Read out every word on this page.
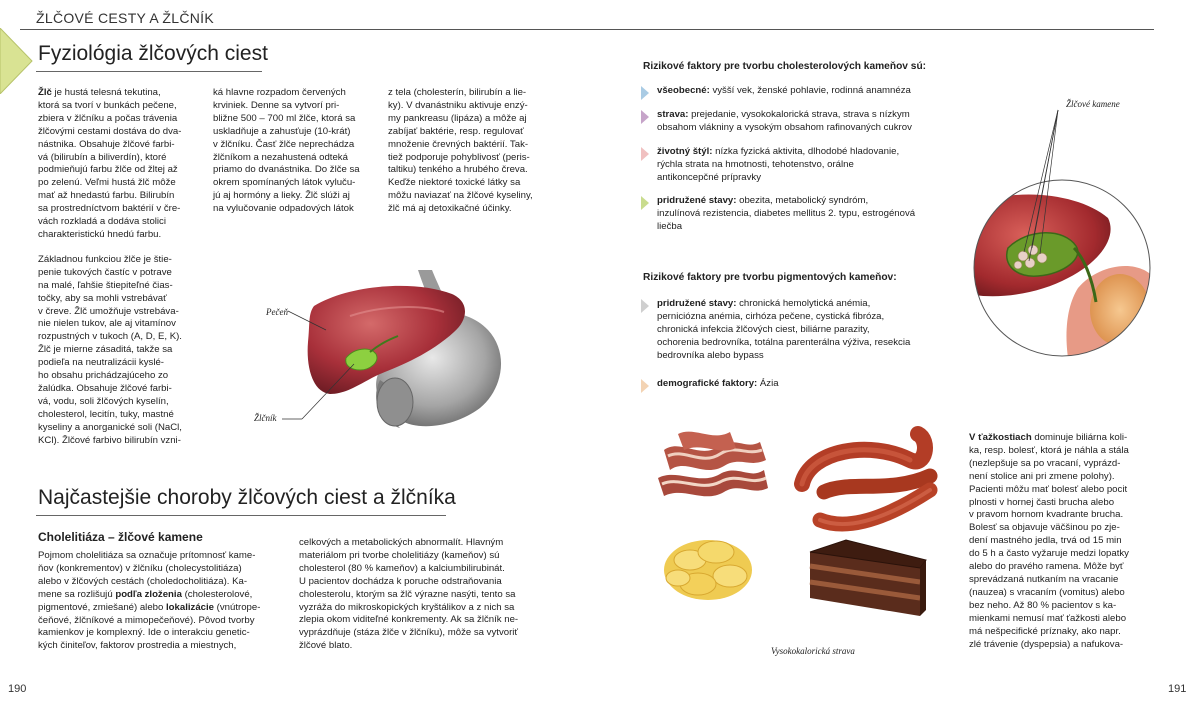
ŽLČOVÉ CESTY A ŽLČNÍK
Fyziológia žlčových ciest
Žlč je hustá telesná tekutina,
ktorá sa tvorí v bunkách pečene,
zbiera v žlčníku a počas trávenia
žlčovými cestami dostáva do dva-
nástnika. Obsahuje žlčové farbi-
vá (bilirubín a biliverdín), ktoré
podmieňujú farbu žlče od žltej až
po zelenú. Veľmi hustá žlč môže
mať až hnedastú farbu. Bilirubín
sa prostredníctvom baktérií v čre-
vách rozkladá a dodáva stolici
charakteristickú hnedú farbu.
Základnou funkciou žlče je štie-
penie tukových častíc v potrave
na malé, ľahšie štiepiteľné čias-
točky, aby sa mohli vstrebávať
v čreve. Žlč umožňuje vstrebáva-
nie nielen tukov, ale aj vitamínov
rozpustných v tukoch (A, D, E, K).
Žlč je mierne zásaditá, takže sa
podieľa na neutralizácii kyslé-
ho obsahu prichádzajúceho zo
žalúdka. Obsahuje žlčové farbi-
vá, vodu, soli žlčových kyselín,
cholesterol, lecitín, tuky, mastné
kyseliny a anorganické soli (NaCl,
KCl). Žlčové farbivo bilirubín vzni-
ká hlavne rozpadom červených
krviniek. Denne sa vytvorí pri-
bližne 500 – 700 ml žlče, ktorá sa
uskladňuje a zahusťuje (10-krát)
v žlčníku. Časť žlče neprechádza
žlčníkom a nezahustená odteká
priamo do dvanástnika. Do žlče sa
okrem spomínaných látok vyluču-
jú aj hormóny a lieky. Žlč slúži aj
na vylučovanie odpadových látok
z tela (cholesterín, bilirubín a lie-
ky). V dvanástniku aktivuje enzý-
my pankreasu (lipáza) a môže aj
zabíjať baktérie, resp. regulovať
množenie črevných baktérií. Tak-
tiež podporuje pohyblivosť (peris-
taltiku) tenkého a hrubého čreva.
Keďže niektoré toxické látky sa
môžu naviazať na žlčové kyseliny,
žlč má aj detoxikačné účinky.
Pečeň
Žlčník
Najčastejšie choroby žlčových ciest a žlčníka
Cholelitiáza – žlčové kamene
Pojmom cholelitiáza sa označuje prítomnosť kame-
ňov (konkrementov) v žlčníku (cholecystolitiáza)
alebo v žlčových cestách (choledocholitiáza). Ka-
mene sa rozlišujú podľa zloženia (cholesterolové,
pigmentové, zmiešané) alebo lokalizácie (vnútrope-
čeňové, žlčníkové a mimopečeňové). Pôvod tvorby
kamienkov je komplexný. Ide o interakciu genetic-
kých činiteľov, faktorov prostredia a miestnych,
celkových a metabolických abnormalít. Hlavným
materiálom pri tvorbe cholelitiázy (kameňov) sú
cholesterol (80 % kameňov) a kalciumbilirubinát.
U pacientov dochádza k poruche odstraňovania
cholesterolu, ktorým sa žlč výrazne nasýti, tento sa
vyzráža do mikroskopických kryštálikov a z nich sa
zlepia okom viditeľné konkrementy. Ak sa žlčník ne-
vyprázdňuje (stáza žlče v žlčníku), môže sa vytvoriť
žlčové blato.
190
Rizikové faktory pre tvorbu cholesterolových kameňov sú:
všeobecné: vyšší vek, ženské pohlavie, rodinná anamnéza
strava: prejedanie, vysokokalorická strava, strava s nízkym
obsahom vlákniny a vysokým obsahom rafinovaných cukrov
životný štýl: nízka fyzická aktivita, dlhodobé hladovanie,
rýchla strata na hmotnosti, tehotenstvo, orálne
antikoncepčné prípravky
pridružené stavy: obezita, metabolický syndróm,
inzulínová rezistencia, diabetes mellitus 2. typu, estrogénová
liečba
Rizikové faktory pre tvorbu pigmentových kameňov:
pridružené stavy: chronická hemolytická anémia,
perniciózna anémia, cirhóza pečene, cystická fibróza,
chronická infekcia žlčových ciest, biliárne parazity,
ochorenia bedrovníka, totálna parenterálna výživa, resekcia
bedrovníka alebo bypass
demografické faktory: Ázia
Žlčové kamene
Vysokokalorická strava
V ťažkostiach dominuje biliárna koli-
ka, resp. bolesť, ktorá je náhla a stála
(nezlepšuje sa po vracaní, vyprázd-
není stolice ani pri zmene polohy).
Pacienti môžu mať bolesť alebo pocit
plnosti v hornej časti brucha alebo
v pravom hornom kvadrante brucha.
Bolesť sa objavuje väčšinou po zje-
dení mastného jedla, trvá od 15 min
do 5 h a často vyžaruje medzi lopatky
alebo do pravého ramena. Môže byť
sprevádzaná nutkaním na vracanie
(nauzea) s vracaním (vomitus) alebo
bez neho. Až 80 % pacientov s ka-
mienkami nemusí mať ťažkosti alebo
má nešpecifické príznaky, ako napr.
zlé trávenie (dyspepsia) a nafukova-
191
